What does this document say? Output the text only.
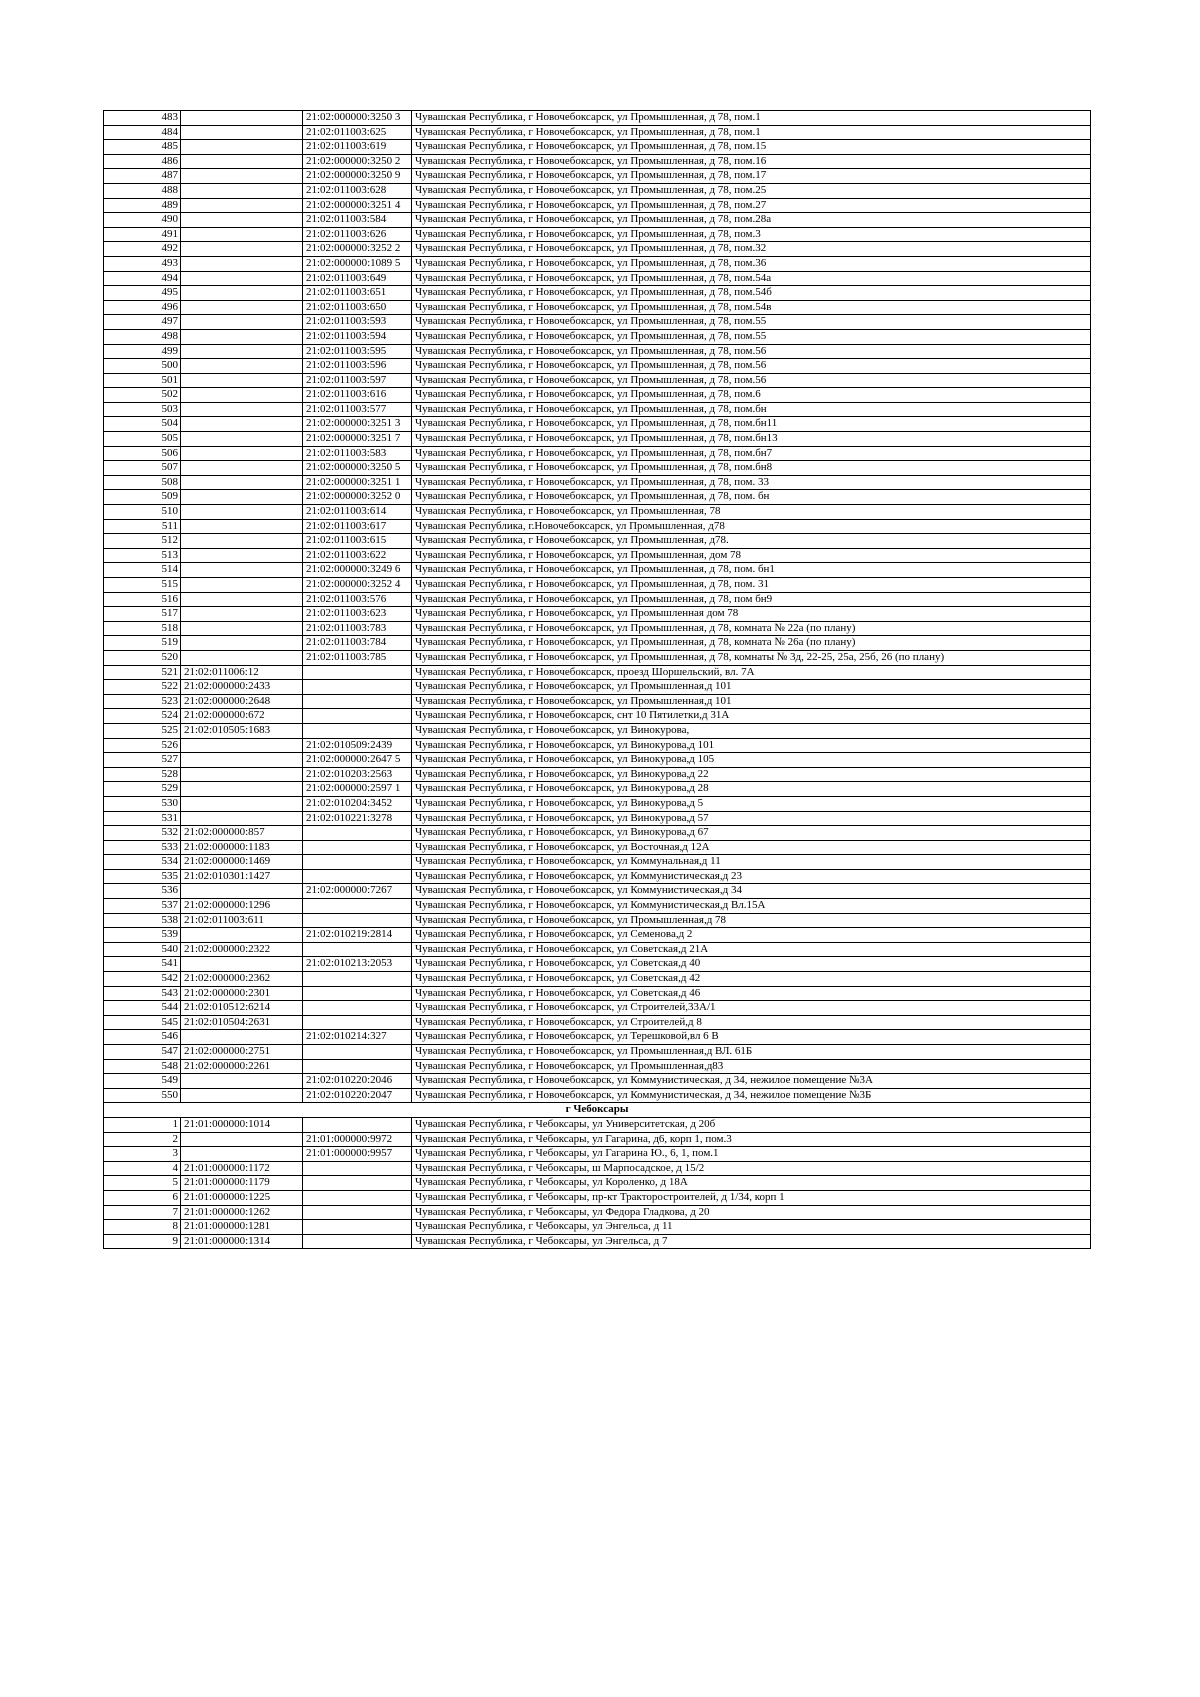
483		21:02:000000:3250 3	Чувашская Республика, г Новочебоксарск, ул Промышленная, д 78, пом.1
484		21:02:011003:625	Чувашская Республика, г Новочебоксарск, ул Промышленная, д 78, пом.1
485		21:02:011003:619	Чувашская Республика, г Новочебоксарск, ул Промышленная, д 78, пом.15
486		21:02:000000:3250 2	Чувашская Республика, г Новочебоксарск, ул Промышленная, д 78, пом.16
487		21:02:000000:3250 9	Чувашская Республика, г Новочебоксарск, ул Промышленная, д 78, пом.17
488		21:02:011003:628	Чувашская Республика, г Новочебоксарск, ул Промышленная, д 78, пом.25
489		21:02:000000:3251 4	Чувашская Республика, г Новочебоксарск, ул Промышленная, д 78, пом.27
490		21:02:011003:584	Чувашская Республика, г Новочебоксарск, ул Промышленная, д 78, пом.28а
491		21:02:011003:626	Чувашская Республика, г Новочебоксарск, ул Промышленная, д 78, пом.3
492		21:02:000000:3252 2	Чувашская Республика, г Новочебоксарск, ул Промышленная, д 78, пом.32
493		21:02:000000:1089 5	Чувашская Республика, г Новочебоксарск, ул Промышленная, д 78, пом.36
494		21:02:011003:649	Чувашская Республика, г Новочебоксарск, ул Промышленная, д 78, пом.54а
495		21:02:011003:651	Чувашская Республика, г Новочебоксарск, ул Промышленная, д 78, пом.54б
496		21:02:011003:650	Чувашская Республика, г Новочебоксарск, ул Промышленная, д 78, пом.54в
497		21:02:011003:593	Чувашская Республика, г Новочебоксарск, ул Промышленная, д 78, пом.55
498		21:02:011003:594	Чувашская Республика, г Новочебоксарск, ул Промышленная, д 78, пом.55
499		21:02:011003:595	Чувашская Республика, г Новочебоксарск, ул Промышленная, д 78, пом.56
500		21:02:011003:596	Чувашская Республика, г Новочебоксарск, ул Промышленная, д 78, пом.56
501		21:02:011003:597	Чувашская Республика, г Новочебоксарск, ул Промышленная, д 78, пом.56
502		21:02:011003:616	Чувашская Республика, г Новочебоксарск, ул Промышленная, д 78, пом.6
503		21:02:011003:577	Чувашская Республика, г Новочебоксарск, ул Промышленная, д 78, пом.бн
504		21:02:000000:3251 3	Чувашская Республика, г Новочебоксарск, ул Промышленная, д 78, пом.бн11
505		21:02:000000:3251 7	Чувашская Республика, г Новочебоксарск, ул Промышленная, д 78, пом.бн13
506		21:02:011003:583	Чувашская Республика, г Новочебоксарск, ул Промышленная, д 78, пом.бн7
507		21:02:000000:3250 5	Чувашская Республика, г Новочебоксарск, ул Промышленная, д 78, пом.бн8
508		21:02:000000:3251 1	Чувашская Республика, г Новочебоксарск, ул Промышленная, д 78, пом. 33
509		21:02:000000:3252 0	Чувашская Республика, г Новочебоксарск, ул Промышленная, д 78, пом. бн
510		21:02:011003:614	Чувашская Республика, г Новочебоксарск, ул Промышленная, 78
511		21:02:011003:617	Чувашская Республика, г.Новочебоксарск, ул Промышленная, д78
512		21:02:011003:615	Чувашская Республика, г Новочебоксарск, ул Промышленная, д78.
513		21:02:011003:622	Чувашская Республика, г Новочебоксарск, ул Промышленная, дом 78
514		21:02:000000:3249 6	Чувашская Республика, г Новочебоксарск, ул Промышленная, д 78, пом. бн1
515		21:02:000000:3252 4	Чувашская Республика, г Новочебоксарск, ул Промышленная, д 78, пом. 31
516		21:02:011003:576	Чувашская Республика, г Новочебоксарск, ул Промышленная, д 78, пом бн9
517		21:02:011003:623	Чувашская Республика, г Новочебоксарск, ул Промышленная дом 78
518		21:02:011003:783	Чувашская Республика, г Новочебоксарск, ул Промышленная, д 78, комната № 22а (по плану)
519		21:02:011003:784	Чувашская Республика, г Новочебоксарск, ул Промышленная, д 78, комната № 26а (по плану)
520		21:02:011003:785	Чувашская Республика, г Новочебоксарск, ул Промышленная, д 78, комнаты № 3д, 22-25, 25а, 25б, 26 (по плану)
521	21:02:011006:12		Чувашская Республика, г Новочебоксарск, проезд Шоршельский, вл. 7А
522	21:02:000000:2433		Чувашская Республика, г Новочебоксарск, ул Промышленная,д 101
523	21:02:000000:2648		Чувашская Республика, г Новочебоксарск, ул Промышленная,д 101
524	21:02:000000:672		Чувашская Республика, г Новочебоксарск, снт 10 Пятилетки,д 31А
525	21:02:010505:1683		Чувашская Республика, г Новочебоксарск, ул Винокурова,
526		21:02:010509:2439	Чувашская Республика, г Новочебоксарск, ул Винокурова,д 101
527		21:02:000000:2647 5	Чувашская Республика, г Новочебоксарск, ул Винокурова,д 105
528		21:02:010203:2563	Чувашская Республика, г Новочебоксарск, ул Винокурова,д 22
529		21:02:000000:2597 1	Чувашская Республика, г Новочебоксарск, ул Винокурова,д 28
530		21:02:010204:3452	Чувашская Республика, г Новочебоксарск, ул Винокурова,д 5
531		21:02:010221:3278	Чувашская Республика, г Новочебоксарск, ул Винокурова,д 57
532	21:02:000000:857		Чувашская Республика, г Новочебоксарск, ул Винокурова,д 67
533	21:02:000000:1183		Чувашская Республика, г Новочебоксарск, ул Восточная,д 12А
534	21:02:000000:1469		Чувашская Республика, г Новочебоксарск, ул Коммунальная,д 11
535	21:02:010301:1427		Чувашская Республика, г Новочебоксарск, ул Коммунистическая,д 23
536		21:02:000000:7267	Чувашская Республика, г Новочебоксарск, ул Коммунистическая,д 34
537	21:02:000000:1296		Чувашская Республика, г Новочебоксарск, ул Коммунистическая,д Вл.15А
538	21:02:011003:611		Чувашская Республика, г Новочебоксарск, ул Промышленная,д 78
539		21:02:010219:2814	Чувашская Республика, г Новочебоксарск, ул Семенова,д 2
540	21:02:000000:2322		Чувашская Республика, г Новочебоксарск, ул Советская,д 21А
541		21:02:010213:2053	Чувашская Республика, г Новочебоксарск, ул Советская,д 40
542	21:02:000000:2362		Чувашская Республика, г Новочебоксарск, ул Советская,д 42
543	21:02:000000:2301		Чувашская Республика, г Новочебоксарск, ул Советская,д 46
544	21:02:010512:6214		Чувашская Республика, г Новочебоксарск, ул Строителей,33А/1
545	21:02:010504:2631		Чувашская Республика, г Новочебоксарск, ул Строителей,д 8
546		21:02:010214:327	Чувашская Республика, г Новочебоксарск, ул Терешковой,вл 6 В
547	21:02:000000:2751		Чувашская Республика, г Новочебоксарск, ул Промышленная,д ВЛ. 61Б
548	21:02:000000:2261		Чувашская Республика, г Новочебоксарск, ул Промышленная,д83
549		21:02:010220:2046	Чувашская Республика, г Новочебоксарск, ул Коммунистическая, д 34, нежилое помещение №3А
550		21:02:010220:2047	Чувашская Республика, г Новочебоксарск, ул Коммунистическая, д 34, нежилое помещение №3Б
г Чебоксары			
1	21:01:000000:1014		Чувашская Республика, г Чебоксары, ул Университетская, д 20б
2		21:01:000000:9972	Чувашская Республика, г Чебоксары, ул Гагарина, д6, корп 1, пом.3
3		21:01:000000:9957	Чувашская Республика, г Чебоксары, ул Гагарина Ю., 6, 1, пом.1
4	21:01:000000:1172		Чувашская Республика, г Чебоксары, ш Марпосадское, д 15/2
5	21:01:000000:1179		Чувашская Республика, г Чебоксары, ул Короленко, д 18А
6	21:01:000000:1225		Чувашская Республика, г Чебоксары, пр-кт Тракторостроителей, д 1/34, корп 1
7	21:01:000000:1262		Чувашская Республика, г Чебоксары, ул Федора Гладкова, д 20
8	21:01:000000:1281		Чувашская Республика, г Чебоксары, ул Энгельса, д 11
9	21:01:000000:1314		Чувашская Республика, г Чебоксары, ул Энгельса, д 7
